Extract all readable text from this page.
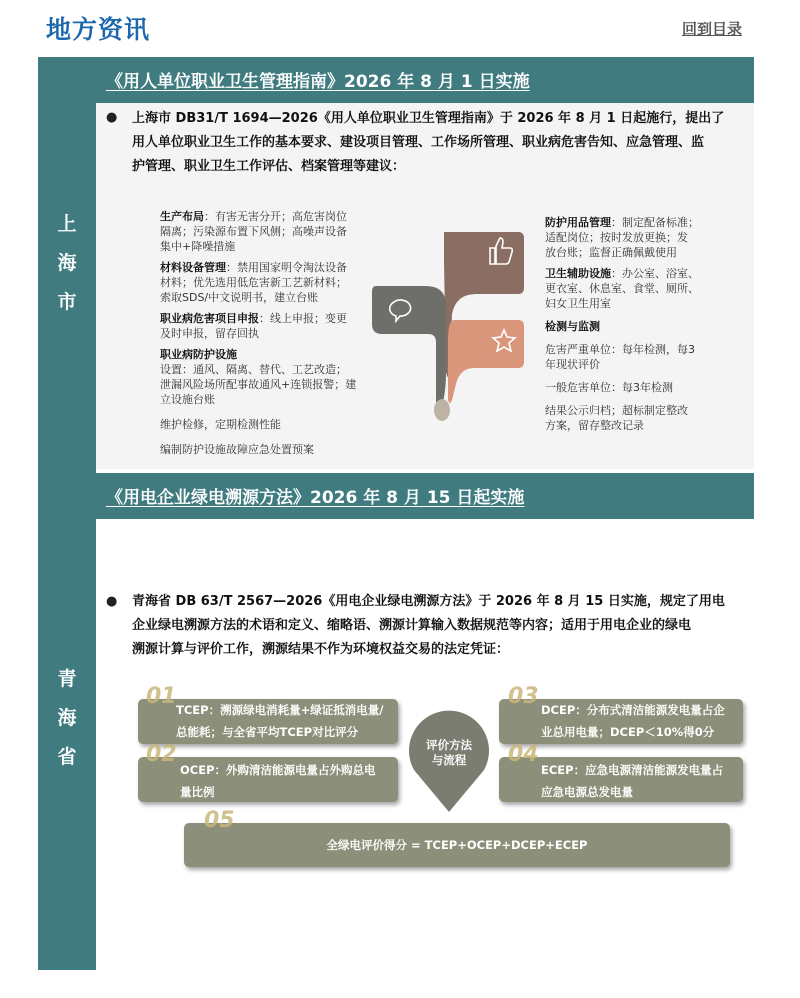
地方资讯	回到目录
上
海
市
青
海
省
《用人单位职业卫生管理指南》2026 年 8 月 1 日实施
● 上海市 DB31/T 1694—2026《用人单位职业卫生管理指南》于 2026 年 8 月 1 日起施行，提出了
用人单位职业卫生工作的基本要求、建设项目管理、工作场所管理、职业病危害告知、应急管理、监
护管理、职业卫生工作评估、档案管理等建议：
生产布局：有害无害分开；高危害岗位
隔离；污染源布置下风侧；高噪声设备
集中+降噪措施
材料设备管理：禁用国家明令淘汰设备
材料；优先选用低危害新工艺新材料；
索取SDS/中文说明书，建立台账
职业病危害项目申报：线上申报；变更
及时申报，留存回执
职业病防护设施
设置：通风、隔离、替代、工艺改造；
泄漏风险场所配事故通风+连锁报警；建
立设施台账
维护检修，定期检测性能
编制防护设施故障应急处置预案
防护用品管理：制定配备标准；
适配岗位；按时发放更换；发
放台账；监督正确佩戴使用
卫生辅助设施：办公室、浴室、
更衣室、休息室、食堂、厕所、
妇女卫生用室
检测与监测
危害严重单位：每年检测，每3
年现状评价
一般危害单位：每3年检测
结果公示归档；超标制定整改
方案，留存整改记录
《用电企业绿电溯源方法》2026 年 8 月 15 日起实施
● 青海省 DB 63/T 2567—2026《用电企业绿电溯源方法》于 2026 年 8 月 15 日实施，规定了用电
企业绿电溯源方法的术语和定义、缩略语、溯源计算输入数据规范等内容；适用于用电企业的绿电
溯源计算与评价工作，溯源结果不作为环境权益交易的法定凭证：
TCEP：溯源绿电消耗量+绿证抵消电量/
总能耗；与全省平均TCEP对比评分
01
OCEP：外购清洁能源电量占外购总电
量比例
02
DCEP：分布式清洁能源发电量占企
业总用电量；DCEP＜10%得0分
03
ECEP：应急电源清洁能源发电量占
应急电源总发电量
04
评价方法
与流程
全绿电评价得分 = TCEP+OCEP+DCEP+ECEP
05
